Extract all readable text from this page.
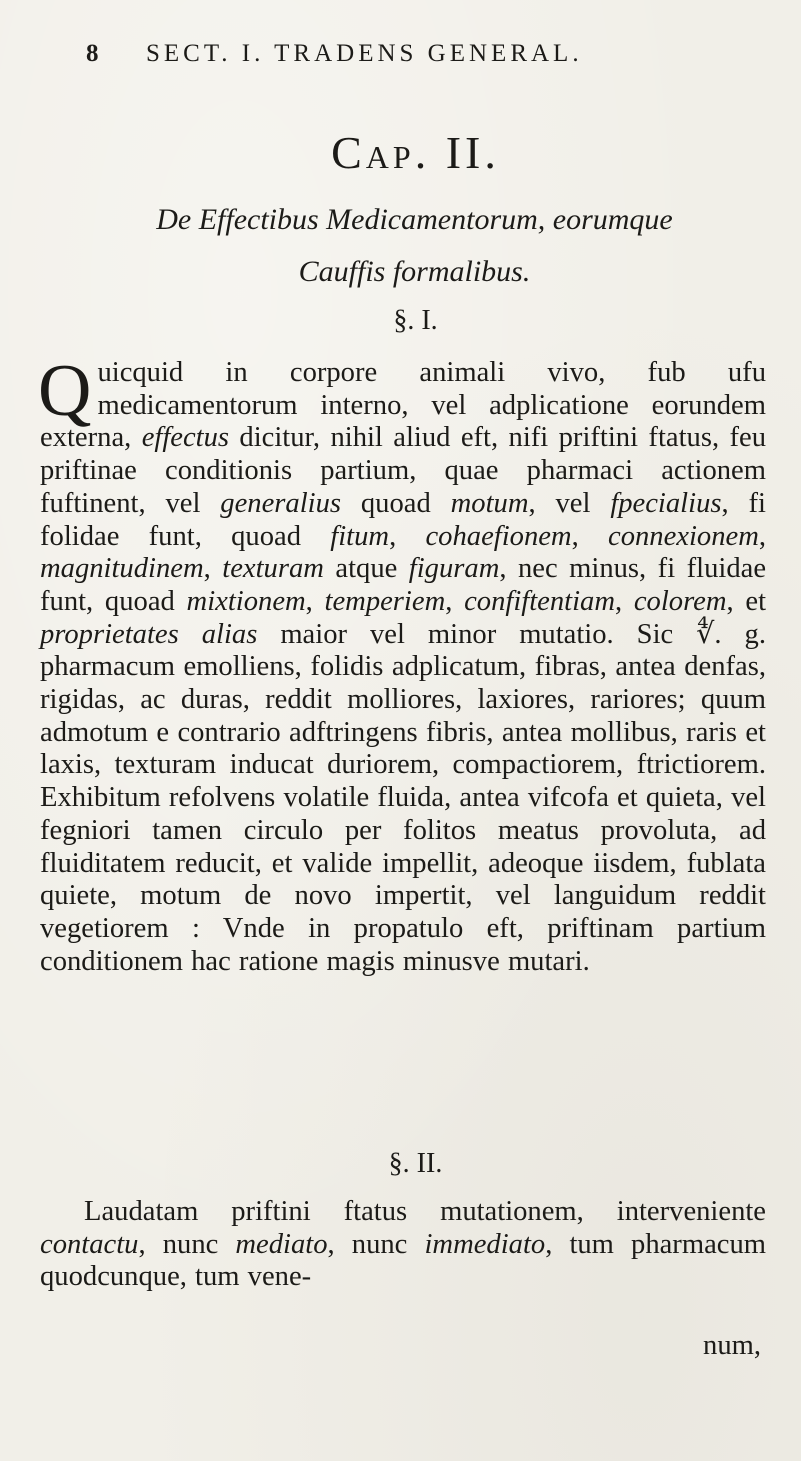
8 SECT. I. TRADENS GENERAL.
Cap. II.
De Effectibus Medicamentorum, eorumque
Cauffis formalibus.
§. I.

Quicquid in corpore animali vivo, fub ufu medicamentorum interno, vel adplicatione eorundem externa, effectus dicitur, nihil aliud eft, nifi priftini ftatus, feu priftinae conditionis partium, quae pharmaci actionem fuftinent, vel generalius quoad motum, vel fpecialius, fi folidae funt, quoad fitum, cohaefionem, connexionem, magnitudinem, texturam atque figuram, nec minus, fi fluidae funt, quoad mixtionem, temperiem, confiftentiam, colorem, et proprietates alias maior vel minor mutatio. Sic ∜. g. pharmacum emolliens, folidis adplicatum, fibras, antea denfas, rigidas, ac duras, reddit molliores, laxiores, rariores; quum admotum e contrario adftringens fibris, antea mollibus, raris et laxis, texturam inducat duriorem, compactiorem, ftrictiorem. Exhibitum refolvens volatile fluida, antea vifcofa et quieta, vel fegniori tamen circulo per folitos meatus provoluta, ad fluiditatem reducit, et valide impellit, adeoque iisdem, fublata quiete, motum de novo impertit, vel languidum reddit vegetiorem : Vnde in propatulo eft, priftinam partium conditionem hac ratione magis minusve mutari.

§. II.

Laudatam priftini ftatus mutationem, interveniente contactu, nunc mediato, nunc immediato, tum pharmacum quodcunque, tum vene-

num,
